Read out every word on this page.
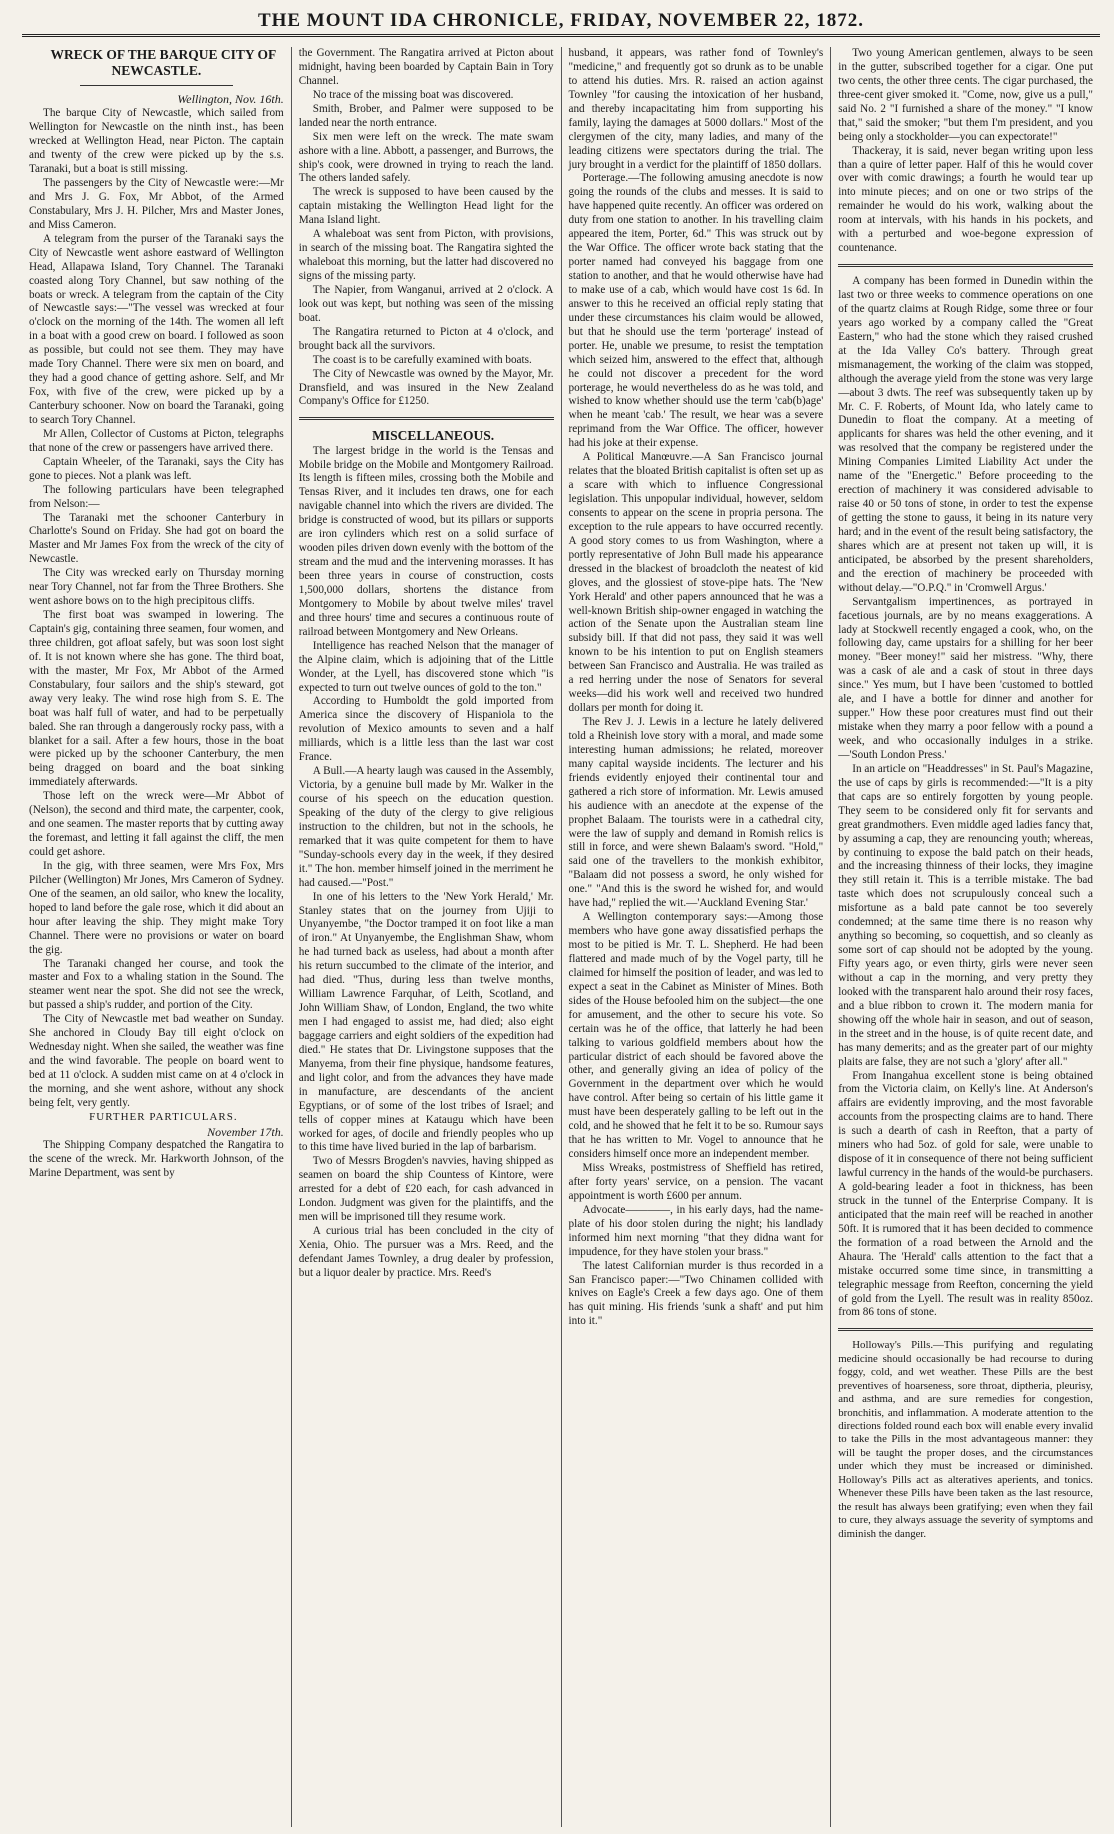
THE MOUNT IDA CHRONICLE, FRIDAY, NOVEMBER 22, 1872.

WRECK OF THE BARQUE CITY OF NEWCASTLE.

Wellington, Nov. 16th.

The barque City of Newcastle, which sailed from Wellington for Newcastle on the ninth inst., has been wrecked at Wellington Head, near Picton. The captain and twenty of the crew were picked up by the s.s. Taranaki, but a boat is still missing.

The passengers by the City of Newcastle were:—Mr and Mrs J. G. Fox, Mr Abbot, of the Armed Constabulary, Mrs J. H. Pilcher, Mrs and Master Jones, and Miss Cameron.

A telegram from the purser of the Taranaki says the City of Newcastle went ashore eastward of Wellington Head, Allapawa Island, Tory Channel. The Taranaki coasted along Tory Channel, but saw nothing of the boats or wreck. A telegram from the captain of the City of Newcastle says:—"The vessel was wrecked at four o'clock on the morning of the 14th. The women all left in a boat with a good crew on board. I followed as soon as possible, but could not see them. They may have made Tory Channel. There were six men on board, and they had a good chance of getting ashore. Self, and Mr Fox, with five of the crew, were picked up by a Canterbury schooner. Now on board the Taranaki, going to search Tory Channel.

Mr Allen, Collector of Customs at Picton, telegraphs that none of the crew or passengers have arrived there.

Captain Wheeler, of the Taranaki, says the City has gone to pieces. Not a plank was left.

The following particulars have been telegraphed from Nelson:—

The Taranaki met the schooner Canterbury in Charlotte's Sound on Friday. She had got on board the Master and Mr James Fox from the wreck of the city of Newcastle.

The City was wrecked early on Thursday morning near Tory Channel, not far from the Three Brothers. She went ashore bows on to the high precipitous cliffs.

The first boat was swamped in lowering. The Captain's gig, containing three seamen, four women, and three children, got afloat safely, but was soon lost sight of. It is not known where she has gone. The third boat, with the master, Mr Fox, Mr Abbot of the Armed Constabulary, four sailors and the ship's steward, got away very leaky. The wind rose high from S. E. The boat was half full of water, and had to be perpetually baled. She ran through a dangerously rocky pass, with a blanket for a sail. After a few hours, those in the boat were picked up by the schooner Canterbury, the men being dragged on board and the boat sinking immediately afterwards.

Those left on the wreck were—Mr Abbot of (Nelson), the second and third mate, the carpenter, cook, and one seamen. The master reports that by cutting away the foremast, and letting it fall against the cliff, the men could get ashore.

In the gig, with three seamen, were Mrs Fox, Mrs Pilcher (Wellington) Mr Jones, Mrs Cameron of Sydney. One of the seamen, an old sailor, who knew the locality, hoped to land before the gale rose, which it did about an hour after leaving the ship. They might make Tory Channel. There were no provisions or water on board the gig.

The Taranaki changed her course, and took the master and Fox to a whaling station in the Sound. The steamer went near the spot. She did not see the wreck, but passed a ship's rudder, and portion of the City.

The City of Newcastle met bad weather on Sunday. She anchored in Cloudy Bay till eight o'clock on Wednesday night. When she sailed, the weather was fine and the wind favorable. The people on board went to bed at 11 o'clock. A sudden mist came on at 4 o'clock in the morning, and she went ashore, without any shock being felt, very gently.

FURTHER PARTICULARS.

November 17th.

The Shipping Company despatched the Rangatira to the scene of the wreck. Mr. Harkworth Johnson, of the Marine Department, was sent by

the Government. The Rangatira arrived at Picton about midnight, having been boarded by Captain Bain in Tory Channel.

No trace of the missing boat was discovered.

Smith, Brober, and Palmer were supposed to be landed near the north entrance.

Six men were left on the wreck. The mate swam ashore with a line. Abbott, a passenger, and Burrows, the ship's cook, were drowned in trying to reach the land. The others landed safely.

The wreck is supposed to have been caused by the captain mistaking the Wellington Head light for the Mana Island light.

A whaleboat was sent from Picton, with provisions, in search of the missing boat. The Rangatira sighted the whaleboat this morning, but the latter had discovered no signs of the missing party.

The Napier, from Wanganui, arrived at 2 o'clock. A look out was kept, but nothing was seen of the missing boat.

The Rangatira returned to Picton at 4 o'clock, and brought back all the survivors.

The coast is to be carefully examined with boats.

The City of Newcastle was owned by the Mayor, Mr. Dransfield, and was insured in the New Zealand Company's Office for £1250.

MISCELLANEOUS.

The largest bridge in the world is the Tensas and Mobile bridge on the Mobile and Montgomery Railroad. Its length is fifteen miles, crossing both the Mobile and Tensas River, and it includes ten draws, one for each navigable channel into which the rivers are divided. The bridge is constructed of wood, but its pillars or supports are iron cylinders which rest on a solid surface of wooden piles driven down evenly with the bottom of the stream and the mud and the intervening morasses. It has been three years in course of construction, costs 1,500,000 dollars, shortens the distance from Montgomery to Mobile by about twelve miles' travel and three hours' time and secures a continuous route of railroad between Montgomery and New Orleans.

Intelligence has reached Nelson that the manager of the Alpine claim, which is adjoining that of the Little Wonder, at the Lyell, has discovered stone which "is expected to turn out twelve ounces of gold to the ton."

According to Humboldt the gold imported from America since the discovery of Hispaniola to the revolution of Mexico amounts to seven and a half milliards, which is a little less than the last war cost France.

A Bull.—A hearty laugh was caused in the Assembly, Victoria, by a genuine bull made by Mr. Walker in the course of his speech on the education question. Speaking of the duty of the clergy to give religious instruction to the children, but not in the schools, he remarked that it was quite competent for them to have "Sunday-schools every day in the week, if they desired it." The hon. member himself joined in the merriment he had caused.—"Post."

In one of his letters to the 'New York Herald,' Mr. Stanley states that on the journey from Ujiji to Unyanyembe, "the Doctor tramped it on foot like a man of iron." At Unyanyembe, the Englishman Shaw, whom he had turned back as useless, had about a month after his return succumbed to the climate of the interior, and had died. "Thus, during less than twelve months, William Lawrence Farquhar, of Leith, Scotland, and John William Shaw, of London, England, the two white men I had engaged to assist me, had died; also eight baggage carriers and eight soldiers of the expedition had died." He states that Dr. Livingstone supposes that the Manyema, from their fine physique, handsome features, and light color, and from the advances they have made in manufacture, are descendants of the ancient Egyptians, or of some of the lost tribes of Israel; and tells of copper mines at Kataugu which have been worked for ages, of docile and friendly peoples who up to this time have lived buried in the lap of barbarism.

Two of Messrs Brogden's navvies, having shipped as seamen on board the ship Countess of Kintore, were arrested for a debt of £20 each, for cash advanced in London. Judgment was given for the plaintiffs, and the men will be imprisoned till they resume work.

A curious trial has been concluded in the city of Xenia, Ohio. The pursuer was a Mrs. Reed, and the defendant James Townley, a drug dealer by profession, but a liquor dealer by practice. Mrs. Reed's

husband, it appears, was rather fond of Townley's "medicine," and frequently got so drunk as to be unable to attend his duties. Mrs. R. raised an action against Townley "for causing the intoxication of her husband, and thereby incapacitating him from supporting his family, laying the damages at 5000 dollars." Most of the clergymen of the city, many ladies, and many of the leading citizens were spectators during the trial. The jury brought in a verdict for the plaintiff of 1850 dollars.

Porterage.—The following amusing anecdote is now going the rounds of the clubs and messes. It is said to have happened quite recently. An officer was ordered on duty from one station to another. In his travelling claim appeared the item, Porter, 6d." This was struck out by the War Office. The officer wrote back stating that the porter named had conveyed his baggage from one station to another, and that he would otherwise have had to make use of a cab, which would have cost 1s 6d. In answer to this he received an official reply stating that under these circumstances his claim would be allowed, but that he should use the term 'porterage' instead of porter. He, unable we presume, to resist the temptation which seized him, answered to the effect that, although he could not discover a precedent for the word porterage, he would nevertheless do as he was told, and wished to know whether should use the term 'cab(b)age' when he meant 'cab.' The result, we hear was a severe reprimand from the War Office. The officer, however had his joke at their expense.

A Political Manœuvre.—A San Francisco journal relates that the bloated British capitalist is often set up as a scare with which to influence Congressional legislation. This unpopular individual, however, seldom consents to appear on the scene in propria persona. The exception to the rule appears to have occurred recently. A good story comes to us from Washington, where a portly representative of John Bull made his appearance dressed in the blackest of broadcloth the neatest of kid gloves, and the glossiest of stove-pipe hats. The 'New York Herald' and other papers announced that he was a well-known British ship-owner engaged in watching the action of the Senate upon the Australian steam line subsidy bill. If that did not pass, they said it was well known to be his intention to put on English steamers between San Francisco and Australia. He was trailed as a red herring under the nose of Senators for several weeks—did his work well and received two hundred dollars per month for doing it.

The Rev J. J. Lewis in a lecture he lately delivered told a Rheinish love story with a moral, and made some interesting human admissions; he related, moreover many capital wayside incidents. The lecturer and his friends evidently enjoyed their continental tour and gathered a rich store of information. Mr. Lewis amused his audience with an anecdote at the expense of the prophet Balaam. The tourists were in a cathedral city, were the law of supply and demand in Romish relics is still in force, and were shewn Balaam's sword. "Hold," said one of the travellers to the monkish exhibitor, "Balaam did not possess a sword, he only wished for one." "And this is the sword he wished for, and would have had," replied the wit.—'Auckland Evening Star.'

A Wellington contemporary says:—Among those members who have gone away dissatisfied perhaps the most to be pitied is Mr. T. L. Shepherd. He had been flattered and made much of by the Vogel party, till he claimed for himself the position of leader, and was led to expect a seat in the Cabinet as Minister of Mines. Both sides of the House befooled him on the subject—the one for amusement, and the other to secure his vote. So certain was he of the office, that latterly he had been talking to various goldfield members about how the particular district of each should be favored above the other, and generally giving an idea of policy of the Government in the department over which he would have control. After being so certain of his little game it must have been desperately galling to be left out in the cold, and he showed that he felt it to be so. Rumour says that he has written to Mr. Vogel to announce that he considers himself once more an independent member.

Miss Wreaks, postmistress of Sheffield has retired, after forty years' service, on a pension. The vacant appointment is worth £600 per annum.

Advocate————, in his early days, had the name-plate of his door stolen during the night; his landlady informed him next morning "that they didna want for impudence, for they have stolen your brass."

The latest Californian murder is thus recorded in a San Francisco paper:—"Two Chinamen collided with knives on Eagle's Creek a few days ago. One of them has quit mining. His friends 'sunk a shaft' and put him into it."

Two young American gentlemen, always to be seen in the gutter, subscribed together for a cigar. One put two cents, the other three cents. The cigar purchased, the three-cent giver smoked it. "Come, now, give us a pull," said No. 2 "I furnished a share of the money." "I know that," said the smoker; "but them I'm president, and you being only a stockholder—you can expectorate!"

Thackeray, it is said, never began writing upon less than a quire of letter paper. Half of this he would cover over with comic drawings; a fourth he would tear up into minute pieces; and on one or two strips of the remainder he would do his work, walking about the room at intervals, with his hands in his pockets, and with a perturbed and woe-begone expression of countenance.

A company has been formed in Dunedin within the last two or three weeks to commence operations on one of the quartz claims at Rough Ridge, some three or four years ago worked by a company called the "Great Eastern," who had the stone which they raised crushed at the Ida Valley Co's battery. Through great mismanagement, the working of the claim was stopped, although the average yield from the stone was very large—about 3 dwts. The reef was subsequently taken up by Mr. C. F. Roberts, of Mount Ida, who lately came to Dunedin to float the company. At a meeting of applicants for shares was held the other evening, and it was resolved that the company be registered under the Mining Companies Limited Liability Act under the name of the "Energetic." Before proceeding to the erection of machinery it was considered advisable to raise 40 or 50 tons of stone, in order to test the expense of getting the stone to gauss, it being in its nature very hard; and in the event of the result being satisfactory, the shares which are at present not taken up will, it is anticipated, be absorbed by the present shareholders, and the erection of machinery be proceeded with without delay.—"O.P.Q." in 'Cromwell Argus.'

Servantgalism impertinences, as portrayed in facetious journals, are by no means exaggerations. A lady at Stockwell recently engaged a cook, who, on the following day, came upstairs for a shilling for her beer money. "Beer money!" said her mistress. "Why, there was a cask of ale and a cask of stout in three days since." Yes mum, but I have been 'customed to bottled ale, and I have a bottle for dinner and another for supper." How these poor creatures must find out their mistake when they marry a poor fellow with a pound a week, and who occasionally indulges in a strike.—'South London Press.'

In an article on "Headdresses" in St. Paul's Magazine, the use of caps by girls is recommended:—"It is a pity that caps are so entirely forgotten by young people. They seem to be considered only fit for servants and great grandmothers. Even middle aged ladies fancy that, by assuming a cap, they are renouncing youth; whereas, by continuing to expose the bald patch on their heads, and the increasing thinness of their locks, they imagine they still retain it. This is a terrible mistake. The bad taste which does not scrupulously conceal such a misfortune as a bald pate cannot be too severely condemned; at the same time there is no reason why anything so becoming, so coquettish, and so cleanly as some sort of cap should not be adopted by the young. Fifty years ago, or even thirty, girls were never seen without a cap in the morning, and very pretty they looked with the transparent halo around their rosy faces, and a blue ribbon to crown it. The modern mania for showing off the whole hair in season, and out of season, in the street and in the house, is of quite recent date, and has many demerits; and as the greater part of our mighty plaits are false, they are not such a 'glory' after all."

From Inangahua excellent stone is being obtained from the Victoria claim, on Kelly's line. At Anderson's affairs are evidently improving, and the most favorable accounts from the prospecting claims are to hand. There is such a dearth of cash in Reefton, that a party of miners who had 5oz. of gold for sale, were unable to dispose of it in consequence of there not being sufficient lawful currency in the hands of the would-be purchasers. A gold-bearing leader a foot in thickness, has been struck in the tunnel of the Enterprise Company. It is anticipated that the main reef will be reached in another 50ft. It is rumored that it has been decided to commence the formation of a road between the Arnold and the Ahaura. The 'Herald' calls attention to the fact that a mistake occurred some time since, in transmitting a telegraphic message from Reefton, concerning the yield of gold from the Lyell. The result was in reality 850oz. from 86 tons of stone.

Holloway's Pills.—This purifying and regulating medicine should occasionally be had recourse to during foggy, cold, and wet weather. These Pills are the best preventives of hoarseness, sore throat, diptheria, pleurisy, and asthma, and are sure remedies for congestion, bronchitis, and inflammation. A moderate attention to the directions folded round each box will enable every invalid to take the Pills in the most advantageous manner: they will be taught the proper doses, and the circumstances under which they must be increased or diminished. Holloway's Pills act as alteratives aperients, and tonics. Whenever these Pills have been taken as the last resource, the result has always been gratifying; even when they fail to cure, they always assuage the severity of symptoms and diminish the danger.
